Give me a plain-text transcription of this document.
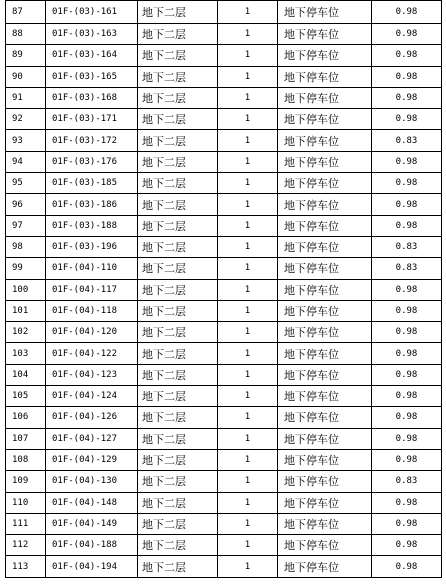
87	01F-(03)-161	地下二层	1	地下停车位	0.98
88	01F-(03)-163	地下二层	1	地下停车位	0.98
89	01F-(03)-164	地下二层	1	地下停车位	0.98
90	01F-(03)-165	地下二层	1	地下停车位	0.98
91	01F-(03)-168	地下二层	1	地下停车位	0.98
92	01F-(03)-171	地下二层	1	地下停车位	0.98
93	01F-(03)-172	地下二层	1	地下停车位	0.83
94	01F-(03)-176	地下二层	1	地下停车位	0.98
95	01F-(03)-185	地下二层	1	地下停车位	0.98
96	01F-(03)-186	地下二层	1	地下停车位	0.98
97	01F-(03)-188	地下二层	1	地下停车位	0.98
98	01F-(03)-196	地下二层	1	地下停车位	0.83
99	01F-(04)-110	地下二层	1	地下停车位	0.83
100	01F-(04)-117	地下二层	1	地下停车位	0.98
101	01F-(04)-118	地下二层	1	地下停车位	0.98
102	01F-(04)-120	地下二层	1	地下停车位	0.98
103	01F-(04)-122	地下二层	1	地下停车位	0.98
104	01F-(04)-123	地下二层	1	地下停车位	0.98
105	01F-(04)-124	地下二层	1	地下停车位	0.98
106	01F-(04)-126	地下二层	1	地下停车位	0.98
107	01F-(04)-127	地下二层	1	地下停车位	0.98
108	01F-(04)-129	地下二层	1	地下停车位	0.98
109	01F-(04)-130	地下二层	1	地下停车位	0.83
110	01F-(04)-148	地下二层	1	地下停车位	0.98
111	01F-(04)-149	地下二层	1	地下停车位	0.98
112	01F-(04)-188	地下二层	1	地下停车位	0.98
113	01F-(04)-194	地下二层	1	地下停车位	0.98
